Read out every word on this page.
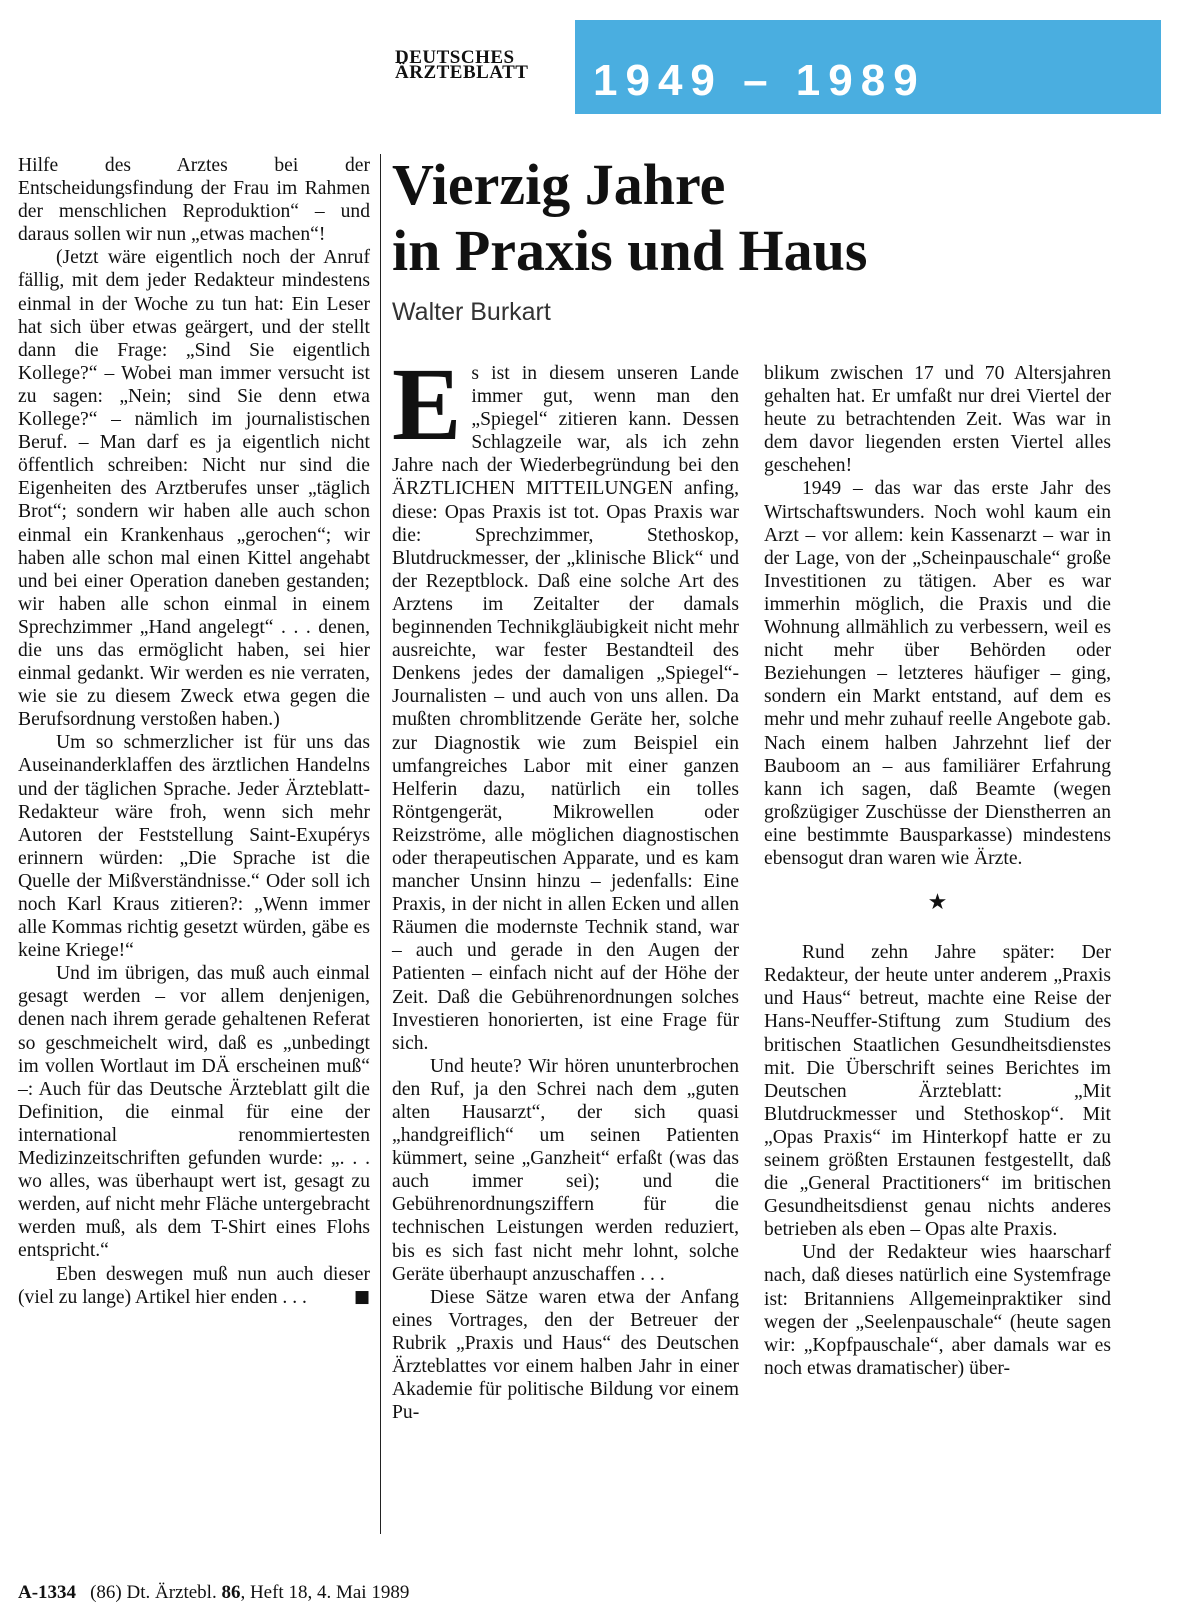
DEUTSCHES
ÄRZTEBLATT 1949 – 1989

Hilfe des Arztes bei der Entscheidungsfindung der Frau im Rahmen der menschlichen Reproduktion“ – und daraus sollen wir nun „etwas machen“!

(Jetzt wäre eigentlich noch der Anruf fällig, mit dem jeder Redakteur mindestens einmal in der Woche zu tun hat: Ein Leser hat sich über etwas geärgert, und der stellt dann die Frage: „Sind Sie eigentlich Kollege?“ – Wobei man immer versucht ist zu sagen: „Nein; sind Sie denn etwa Kollege?“ – nämlich im journalistischen Beruf. – Man darf es ja eigentlich nicht öffentlich schreiben: Nicht nur sind die Eigenheiten des Arztberufes unser „täglich Brot“; sondern wir haben alle auch schon einmal ein Krankenhaus „gerochen“; wir haben alle schon mal einen Kittel angehabt und bei einer Operation daneben gestanden; wir haben alle schon einmal in einem Sprechzimmer „Hand angelegt“ . . . denen, die uns das ermöglicht haben, sei hier einmal gedankt. Wir werden es nie verraten, wie sie zu diesem Zweck etwa gegen die Berufsordnung verstoßen haben.)

Um so schmerzlicher ist für uns das Auseinanderklaffen des ärztlichen Handelns und der täglichen Sprache. Jeder Ärzteblatt-Redakteur wäre froh, wenn sich mehr Autoren der Feststellung Saint-Exupérys erinnern würden: „Die Sprache ist die Quelle der Mißverständnisse.“ Oder soll ich noch Karl Kraus zitieren?: „Wenn immer alle Kommas richtig gesetzt würden, gäbe es keine Kriege!“

Und im übrigen, das muß auch einmal gesagt werden – vor allem denjenigen, denen nach ihrem gerade gehaltenen Referat so geschmeichelt wird, daß es „unbedingt im vollen Wortlaut im DÄ erscheinen muß“ –: Auch für das Deutsche Ärzteblatt gilt die Definition, die einmal für eine der international renommiertesten Medizinzeitschriften gefunden wurde: „. . . wo alles, was überhaupt wert ist, gesagt zu werden, auf nicht mehr Fläche untergebracht werden muß, als dem T-Shirt eines Flohs entspricht.“

Eben deswegen muß nun auch dieser (viel zu lange) Artikel hier enden . . .	■

Vierzig Jahre
in Praxis und Haus
Walter Burkart

Es ist in diesem unseren Lande immer gut, wenn man den „Spiegel“ zitieren kann. Dessen Schlagzeile war, als ich zehn Jahre nach der Wiederbegründung bei den ÄRZTLICHEN MITTEILUNGEN anfing, diese: Opas Praxis ist tot. Opas Praxis war die: Sprechzimmer, Stethoskop, Blutdruckmesser, der „klinische Blick“ und der Rezeptblock. Daß eine solche Art des Arztens im Zeitalter der damals beginnenden Technikgläubigkeit nicht mehr ausreichte, war fester Bestandteil des Denkens jedes der damaligen „Spiegel“-Journalisten – und auch von uns allen. Da mußten chromblitzende Geräte her, solche zur Diagnostik wie zum Beispiel ein umfangreiches Labor mit einer ganzen Helferin dazu, natürlich ein tolles Röntgengerät, Mikrowellen oder Reizströme, alle möglichen diagnostischen oder therapeutischen Apparate, und es kam mancher Unsinn hinzu – jedenfalls: Eine Praxis, in der nicht in allen Ecken und allen Räumen die modernste Technik stand, war – auch und gerade in den Augen der Patienten – einfach nicht auf der Höhe der Zeit. Daß die Gebührenordnungen solches Investieren honorierten, ist eine Frage für sich.

Und heute? Wir hören ununterbrochen den Ruf, ja den Schrei nach dem „guten alten Hausarzt“, der sich quasi „handgreiflich“ um seinen Patienten kümmert, seine „Ganzheit“ erfaßt (was das auch immer sei); und die Gebührenordnungsziffern für die technischen Leistungen werden reduziert, bis es sich fast nicht mehr lohnt, solche Geräte überhaupt anzuschaffen . . .

Diese Sätze waren etwa der Anfang eines Vortrages, den der Betreuer der Rubrik „Praxis und Haus“ des Deutschen Ärzteblattes vor einem halben Jahr in einer Akademie für politische Bildung vor einem Pu-

blikum zwischen 17 und 70 Altersjahren gehalten hat. Er umfaßt nur drei Viertel der heute zu betrachtenden Zeit. Was war in dem davor liegenden ersten Viertel alles geschehen!

1949 – das war das erste Jahr des Wirtschaftswunders. Noch wohl kaum ein Arzt – vor allem: kein Kassenarzt – war in der Lage, von der „Scheinpauschale“ große Investitionen zu tätigen. Aber es war immerhin möglich, die Praxis und die Wohnung allmählich zu verbessern, weil es nicht mehr über Behörden oder Beziehungen – letzteres häufiger – ging, sondern ein Markt entstand, auf dem es mehr und mehr zuhauf reelle Angebote gab. Nach einem halben Jahrzehnt lief der Bauboom an – aus familiärer Erfahrung kann ich sagen, daß Beamte (wegen großzügiger Zuschüsse der Dienstherren an eine bestimmte Bausparkasse) mindestens ebensogut dran waren wie Ärzte.

★

Rund zehn Jahre später: Der Redakteur, der heute unter anderem „Praxis und Haus“ betreut, machte eine Reise der Hans-Neuffer-Stiftung zum Studium des britischen Staatlichen Gesundheitsdienstes mit. Die Überschrift seines Berichtes im Deutschen Ärzteblatt: „Mit Blutdruckmesser und Stethoskop“. Mit „Opas Praxis“ im Hinterkopf hatte er zu seinem größten Erstaunen festgestellt, daß die „General Practitioners“ im britischen Gesundheitsdienst genau nichts anderes betrieben als eben – Opas alte Praxis.

Und der Redakteur wies haarscharf nach, daß dieses natürlich eine Systemfrage ist: Britanniens Allgemeinpraktiker sind wegen der „Seelenpauschale“ (heute sagen wir: „Kopfpauschale“, aber damals war es noch etwas dramatischer) über-

A-1334 (86) Dt. Ärztebl. 86, Heft 18, 4. Mai 1989
